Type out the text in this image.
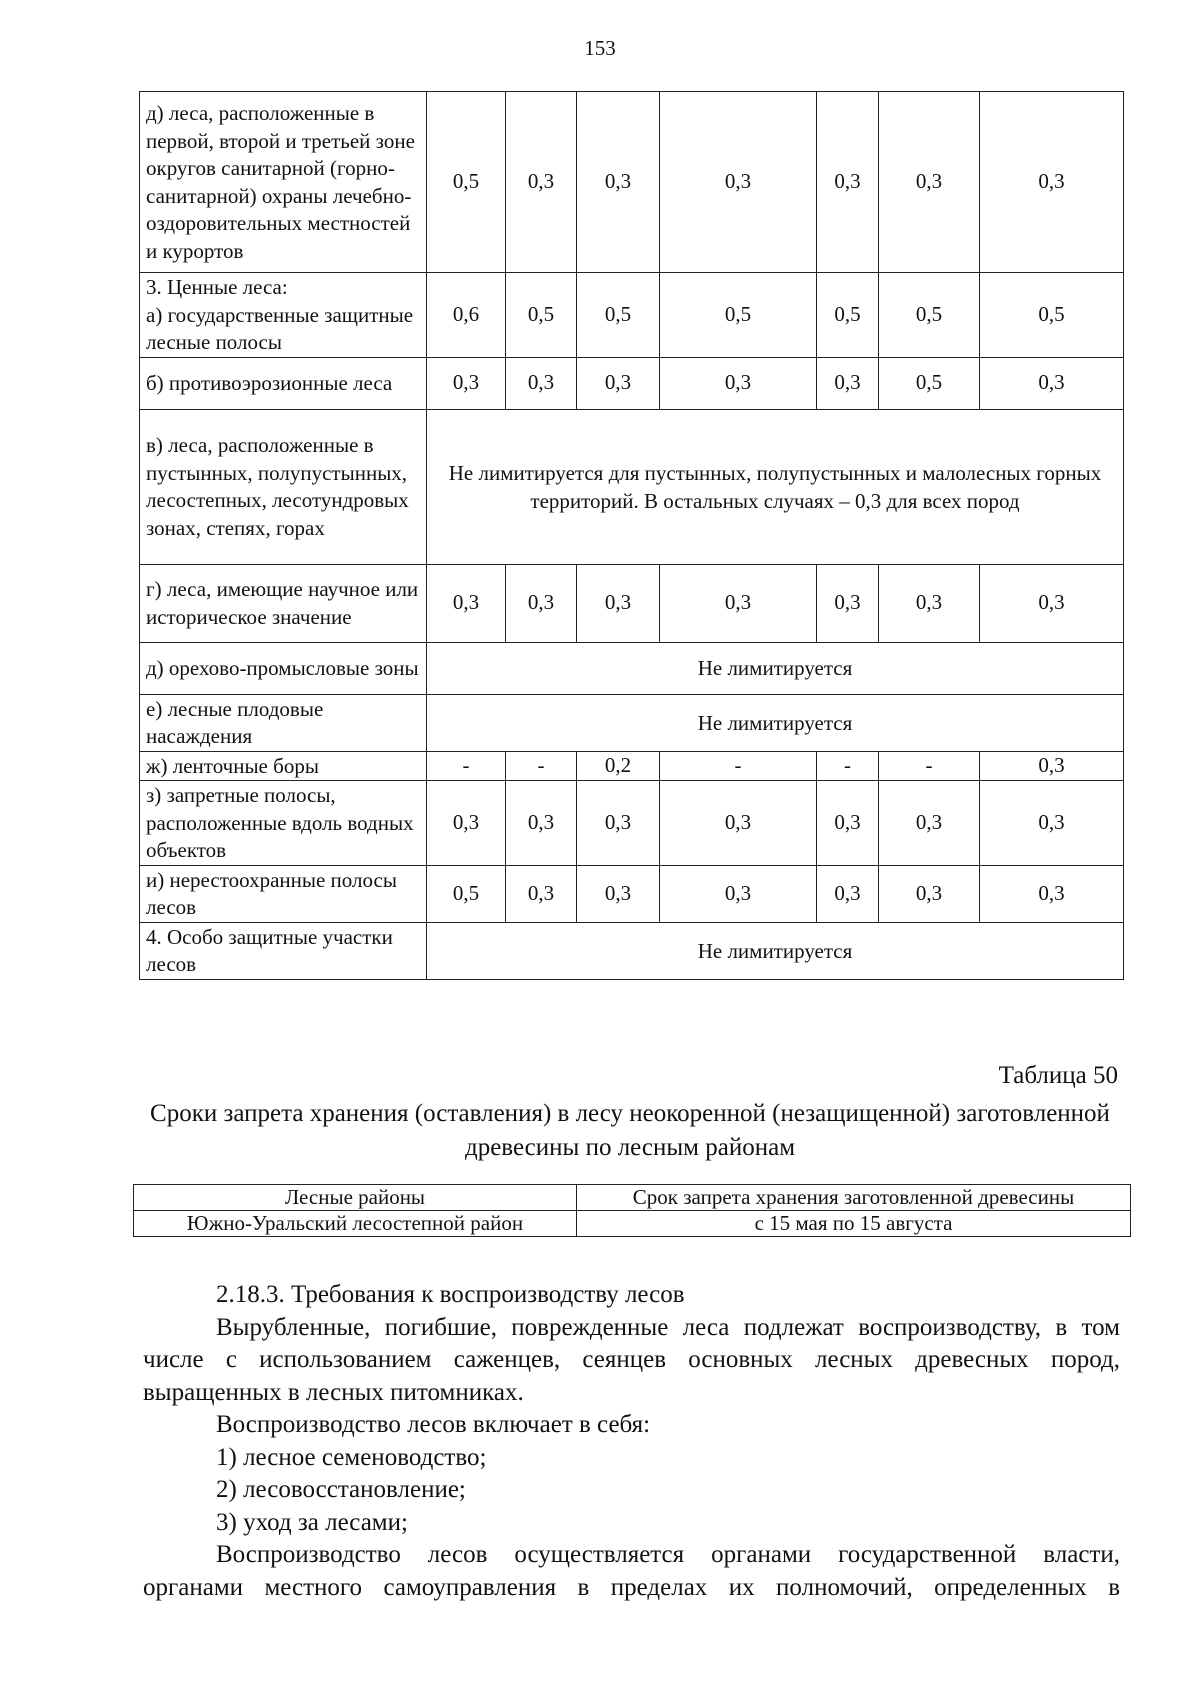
153
д) леса, расположенные в первой, второй и третьей зоне округов санитарной (горно-санитарной) охраны лечебно-оздоровительных местностей и курортов	0,5	0,3	0,3	0,3	0,3	0,3	0,3
3. Ценные леса:
а) государственные защитные лесные полосы	0,6	0,5	0,5	0,5	0,5	0,5	0,5
б) противоэрозионные леса	0,3	0,3	0,3	0,3	0,3	0,5	0,3
в) леса, расположенные в пустынных, полупустынных, лесостепных, лесотундровых зонах, степях, горах	Не лимитируется для пустынных, полупустынных и малолесных горных территорий. В остальных случаях – 0,3 для всех пород						
г) леса, имеющие научное или историческое значение	0,3	0,3	0,3	0,3	0,3	0,3	0,3
д) орехово-промысловые зоны	Не лимитируется						
е) лесные плодовые насаждения	Не лимитируется						
ж) ленточные боры	-	-	0,2	-	-	-	0,3
з) запретные полосы, расположенные вдоль водных объектов	0,3	0,3	0,3	0,3	0,3	0,3	0,3
и) нерестоохранные полосы лесов	0,5	0,3	0,3	0,3	0,3	0,3	0,3
4. Особо защитные участки лесов	Не лимитируется						
Таблица 50
Сроки запрета хранения (оставления) в лесу неокоренной (незащищенной) заготовленной древесины по лесным районам
Лесные районы	Срок запрета хранения заготовленной древесины
Южно-Уральский лесостепной район	с 15 мая по 15 августа

2.18.3. Требования к воспроизводству лесов

Вырубленные, погибшие, поврежденные леса подлежат воспроизводству, в том числе с использованием саженцев, сеянцев основных лесных древесных пород, выращенных в лесных питомниках.

Воспроизводство лесов включает в себя:

1) лесное семеноводство;

2) лесовосстановление;

3) уход за лесами;

Воспроизводство лесов осуществляется органами государственной власти, органами местного самоуправления в пределах их полномочий, определенных в
